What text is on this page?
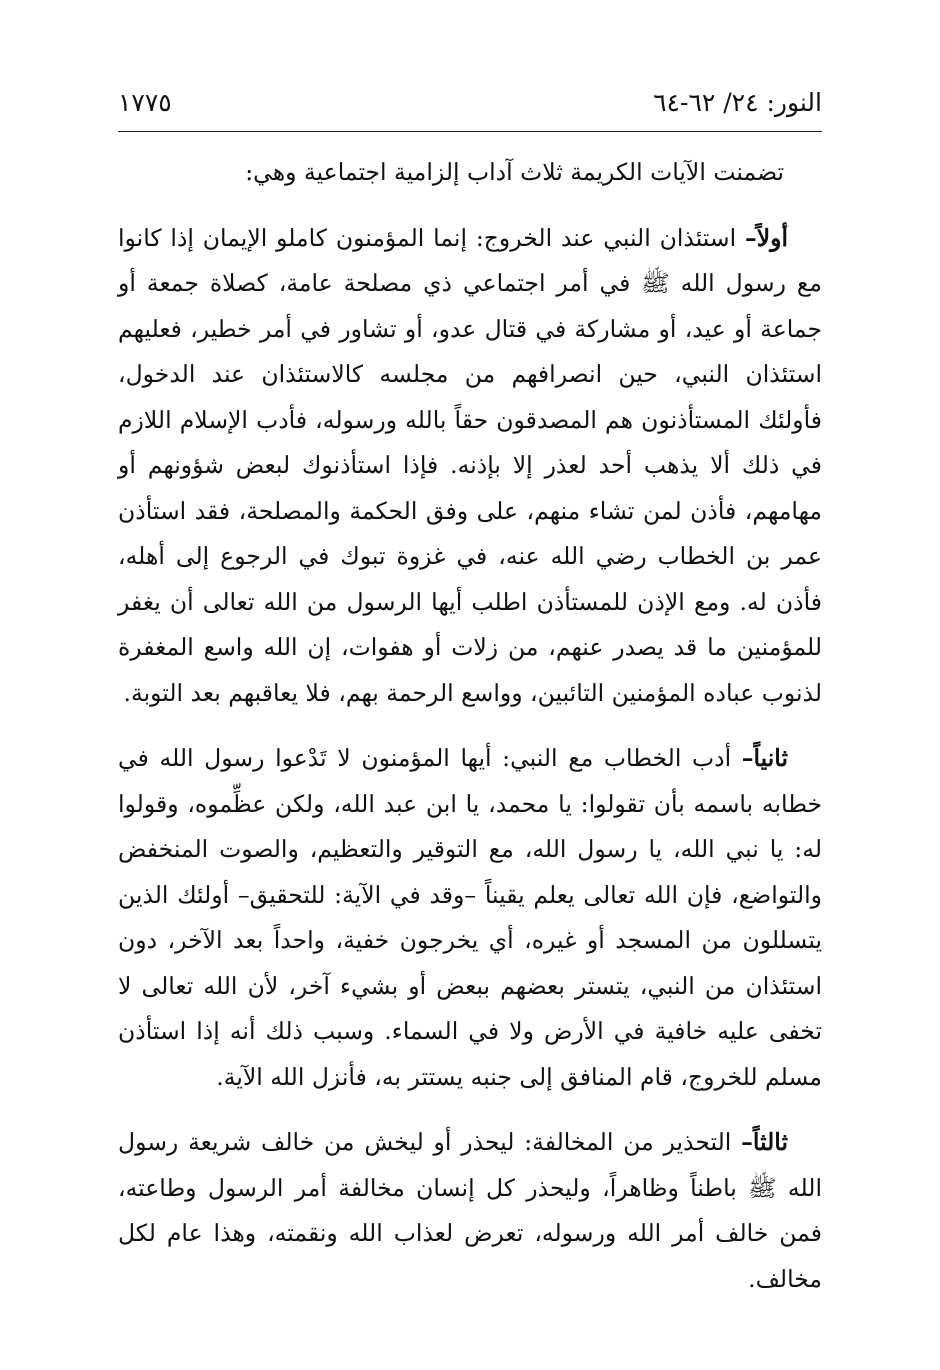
النور: ٢٤/ ٦٢-٦٤
١٧٧٥

تضمنت الآيات الكريمة ثلاث آداب إلزامية اجتماعية وهي:

أولاً– استئذان النبي عند الخروج: إنما المؤمنون كاملو الإيمان إذا كانوا مع رسول الله ﷺ في أمر اجتماعي ذي مصلحة عامة، كصلاة جمعة أو جماعة أو عيد، أو مشاركة في قتال عدو، أو تشاور في أمر خطير، فعليهم استئذان النبي، حين انصرافهم من مجلسه كالاستئذان عند الدخول، فأولئك المستأذنون هم المصدقون حقاً بالله ورسوله، فأدب الإسلام اللازم في ذلك ألا يذهب أحد لعذر إلا بإذنه. فإذا استأذنوك لبعض شؤونهم أو مهامهم، فأذن لمن تشاء منهم، على وفق الحكمة والمصلحة، فقد استأذن عمر بن الخطاب رضي الله عنه، في غزوة تبوك في الرجوع إلى أهله، فأذن له. ومع الإذن للمستأذن اطلب أيها الرسول من الله تعالى أن يغفر للمؤمنين ما قد يصدر عنهم، من زلات أو هفوات، إن الله واسع المغفرة لذنوب عباده المؤمنين التائبين، وواسع الرحمة بهم، فلا يعاقبهم بعد التوبة.

ثانياً– أدب الخطاب مع النبي: أيها المؤمنون لا تَدْعوا رسول الله في خطابه باسمه بأن تقولوا: يا محمد، يا ابن عبد الله، ولكن عظِّموه، وقولوا له: يا نبي الله، يا رسول الله، مع التوقير والتعظيم، والصوت المنخفض والتواضع، فإن الله تعالى يعلم يقيناً –وقد في الآية: للتحقيق– أولئك الذين يتسللون من المسجد أو غيره، أي يخرجون خفية، واحداً بعد الآخر، دون استئذان من النبي، يتستر بعضهم ببعض أو بشيء آخر، لأن الله تعالى لا تخفى عليه خافية في الأرض ولا في السماء. وسبب ذلك أنه إذا استأذن مسلم للخروج، قام المنافق إلى جنبه يستتر به، فأنزل الله الآية.

ثالثاً– التحذير من المخالفة: ليحذر أو ليخش من خالف شريعة رسول الله ﷺ باطناً وظاهراً، وليحذر كل إنسان مخالفة أمر الرسول وطاعته، فمن خالف أمر الله ورسوله، تعرض لعذاب الله ونقمته، وهذا عام لكل مخالف.
